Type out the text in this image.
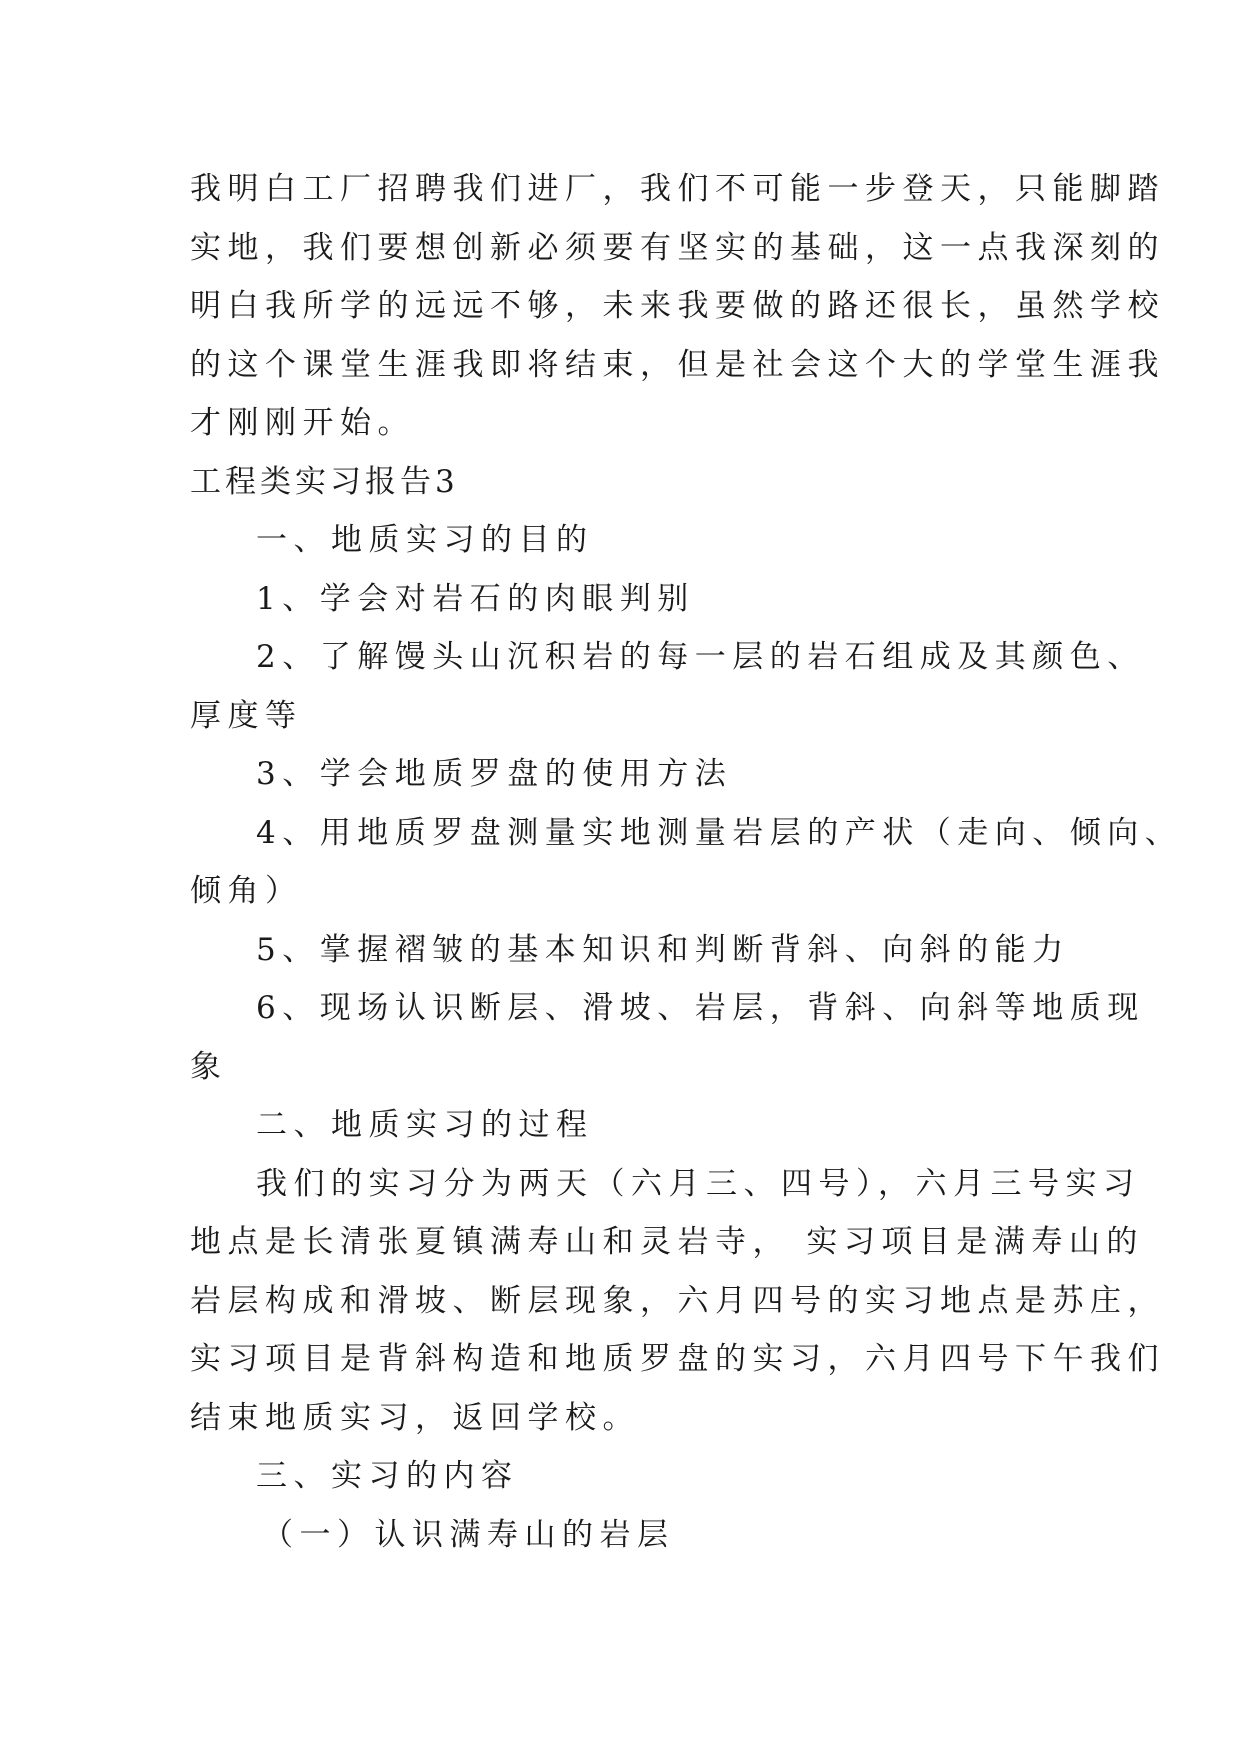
我明白工厂招聘我们进厂，我们不可能一步登天，只能脚踏
实地，我们要想创新必须要有坚实的基础，这一点我深刻的
明白我所学的远远不够，未来我要做的路还很长，虽然学校
的这个课堂生涯我即将结束，但是社会这个大的学堂生涯我
才刚刚开始。
工程类实习报告3
一、地质实习的目的
1、学会对岩石的肉眼判别
2、了解馒头山沉积岩的每一层的岩石组成及其颜色、
厚度等
3、学会地质罗盘的使用方法
4、用地质罗盘测量实地测量岩层的产状（走向、倾向、
倾角）
5、掌握褶皱的基本知识和判断背斜、向斜的能力
6、现场认识断层、滑坡、岩层，背斜、向斜等地质现
象
二、地质实习的过程
我们的实习分为两天（六月三、四号），六月三号实习
地点是长清张夏镇满寿山和灵岩寺， 实习项目是满寿山的
岩层构成和滑坡、断层现象，六月四号的实习地点是苏庄，
实习项目是背斜构造和地质罗盘的实习，六月四号下午我们
结束地质实习，返回学校。
三、实习的内容
（一）认识满寿山的岩层
